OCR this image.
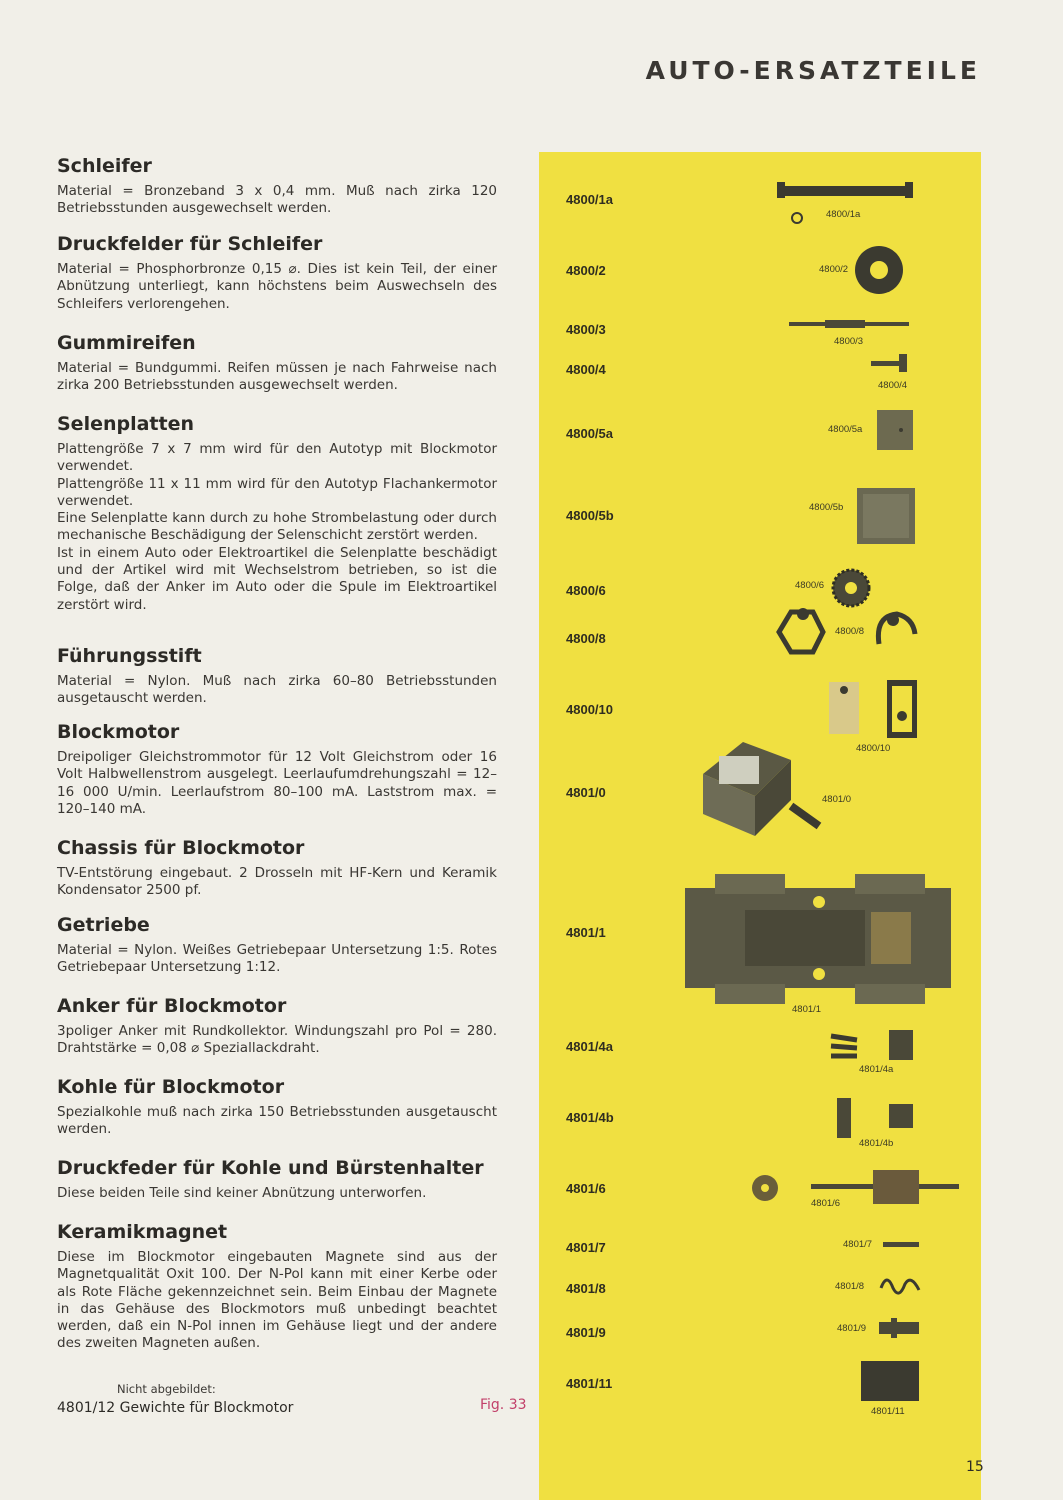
AUTO-ERSATZTEILE
Schleifer

Material = Bronzeband 3 x 0,4 mm. Muß nach zirka 120 Betriebsstunden ausgewechselt werden.

Druckfelder für Schleifer

Material = Phosphorbronze 0,15 ⌀. Dies ist kein Teil, der einer Abnützung unterliegt, kann höchstens beim Auswechseln des Schleifers verlorengehen.

Gummireifen

Material = Bundgummi. Reifen müssen je nach Fahrweise nach zirka 200 Betriebsstunden ausgewechselt werden.

Selenplatten

Plattengröße 7 x 7 mm wird für den Autotyp mit Blockmotor verwendet.
Plattengröße 11 x 11 mm wird für den Autotyp Flachankermotor verwendet.
Eine Selenplatte kann durch zu hohe Strombelastung oder durch mechanische Beschädigung der Selenschicht zerstört werden.
Ist in einem Auto oder Elektroartikel die Selenplatte beschädigt und der Artikel wird mit Wechselstrom betrieben, so ist die Folge, daß der Anker im Auto oder die Spule im Elektroartikel zerstört wird.

Führungsstift

Material = Nylon. Muß nach zirka 60–80 Betriebsstunden ausgetauscht werden.

Blockmotor

Dreipoliger Gleichstrommotor für 12 Volt Gleichstrom oder 16 Volt Halbwellenstrom ausgelegt. Leerlaufumdrehungszahl = 12–16 000 U/min. Leerlaufstrom 80–100 mA. Laststrom max. = 120–140 mA.

Chassis für Blockmotor

TV-Entstörung eingebaut. 2 Drosseln mit HF-Kern und Keramik Kondensator 2500 pf.

Getriebe

Material = Nylon. Weißes Getriebepaar Untersetzung 1:5. Rotes Getriebepaar Untersetzung 1:12.

Anker für Blockmotor

3poliger Anker mit Rundkollektor. Windungszahl pro Pol = 280. Drahtstärke = 0,08 ⌀ Speziallackdraht.

Kohle für Blockmotor

Spezialkohle muß nach zirka 150 Betriebsstunden ausgetauscht werden.

Druckfeder für Kohle und Bürstenhalter

Diese beiden Teile sind keiner Abnützung unterworfen.

Keramikmagnet

Diese im Blockmotor eingebauten Magnete sind aus der Magnetqualität Oxit 100. Der N-Pol kann mit einer Kerbe oder als Rote Fläche gekennzeichnet sein. Beim Einbau der Magnete in das Gehäuse des Blockmotors muß unbedingt beachtet werden, daß ein N-Pol innen im Gehäuse liegt und der andere des zweiten Magneten außen.

Nicht abgebildet:
4801/12 Gewichte für Blockmotor	Fig. 33
4800/1a
4800/2
4800/3
4800/4
4800/5a
4800/5b
4800/6
4800/8
4800/10
4801/0
4801/1
4801/4a
4801/4b
4801/6
4801/7
4801/8
4801/9
4801/11
4800/1a
4800/2
4800/3
4800/4
4800/5a
4800/5b
4800/6
4800/8
4800/10
4801/0
4801/1
4801/4a
4801/4b
4801/6
4801/7
4801/8
4801/9
4801/11
15
